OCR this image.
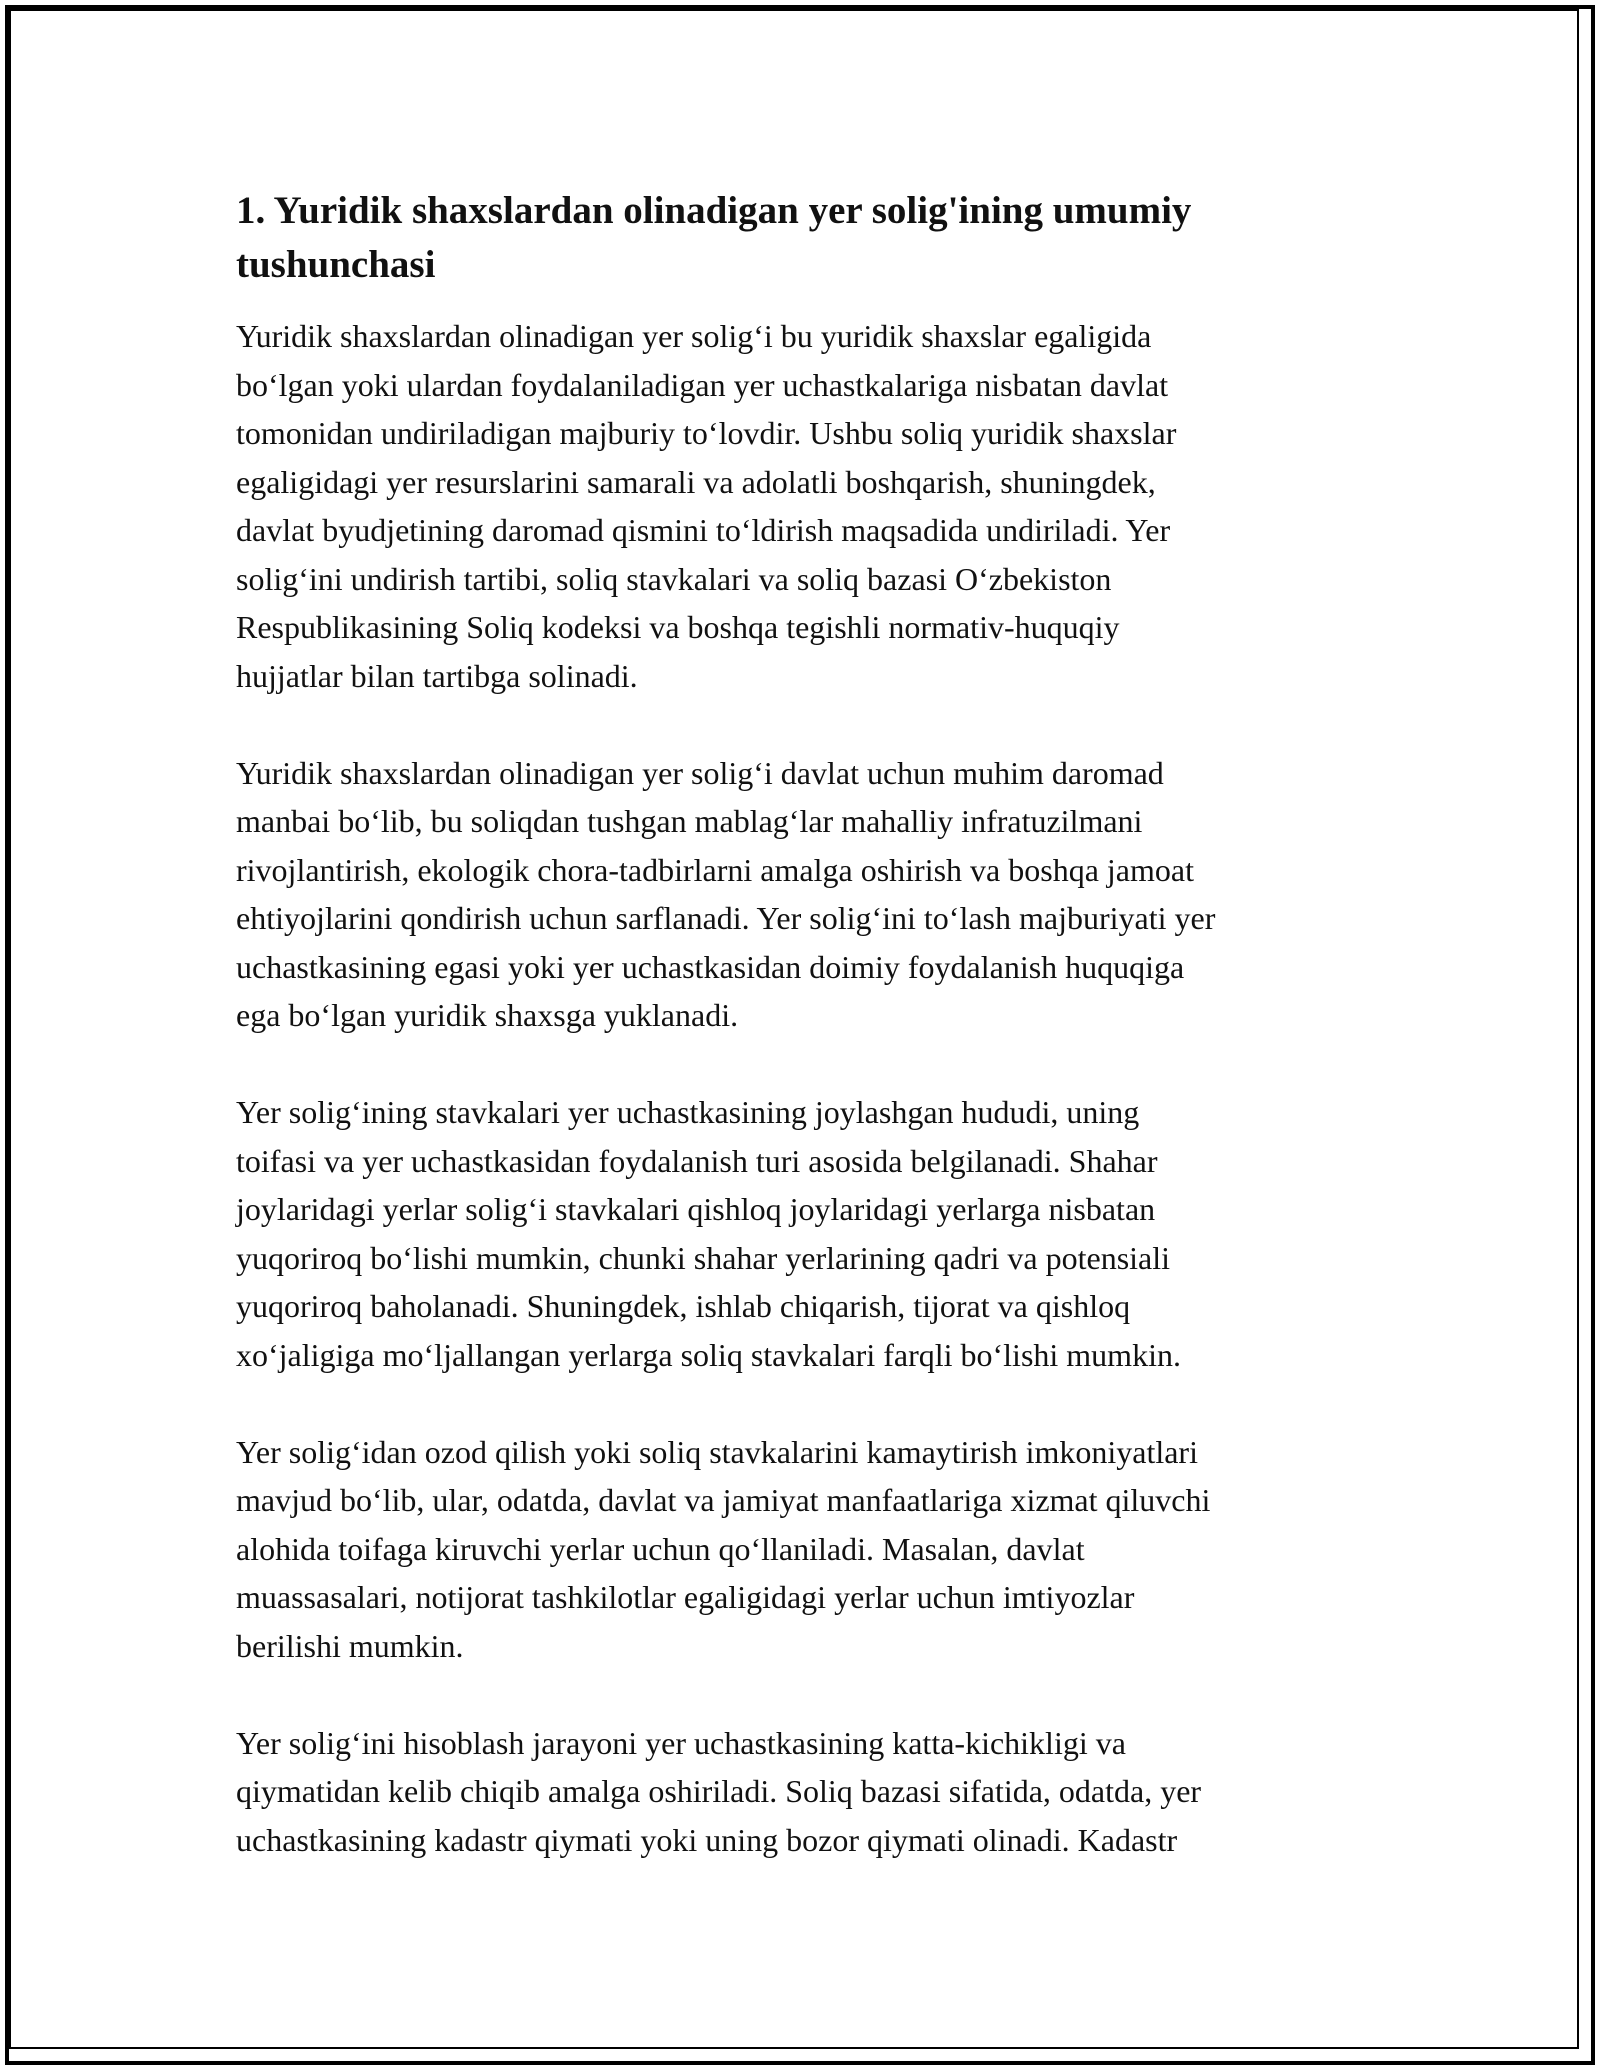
1. Yuridik shaxslardan olinadigan yer solig'ining umumiy
tushunchasi

Yuridik shaxslardan olinadigan yer solig‘i bu yuridik shaxslar egaligida
bo‘lgan yoki ulardan foydalaniladigan yer uchastkalariga nisbatan davlat
tomonidan undiriladigan majburiy to‘lovdir. Ushbu soliq yuridik shaxslar
egaligidagi yer resurslarini samarali va adolatli boshqarish, shuningdek,
davlat byudjetining daromad qismini to‘ldirish maqsadida undiriladi. Yer
solig‘ini undirish tartibi, soliq stavkalari va soliq bazasi O‘zbekiston
Respublikasining Soliq kodeksi va boshqa tegishli normativ-huquqiy
hujjatlar bilan tartibga solinadi.

Yuridik shaxslardan olinadigan yer solig‘i davlat uchun muhim daromad
manbai bo‘lib, bu soliqdan tushgan mablag‘lar mahalliy infratuzilmani
rivojlantirish, ekologik chora-tadbirlarni amalga oshirish va boshqa jamoat
ehtiyojlarini qondirish uchun sarflanadi. Yer solig‘ini to‘lash majburiyati yer
uchastkasining egasi yoki yer uchastkasidan doimiy foydalanish huquqiga
ega bo‘lgan yuridik shaxsga yuklanadi.

Yer solig‘ining stavkalari yer uchastkasining joylashgan hududi, uning
toifasi va yer uchastkasidan foydalanish turi asosida belgilanadi. Shahar
joylaridagi yerlar solig‘i stavkalari qishloq joylaridagi yerlarga nisbatan
yuqoriroq bo‘lishi mumkin, chunki shahar yerlarining qadri va potensiali
yuqoriroq baholanadi. Shuningdek, ishlab chiqarish, tijorat va qishloq
xo‘jaligiga mo‘ljallangan yerlarga soliq stavkalari farqli bo‘lishi mumkin.

Yer solig‘idan ozod qilish yoki soliq stavkalarini kamaytirish imkoniyatlari
mavjud bo‘lib, ular, odatda, davlat va jamiyat manfaatlariga xizmat qiluvchi
alohida toifaga kiruvchi yerlar uchun qo‘llaniladi. Masalan, davlat
muassasalari, notijorat tashkilotlar egaligidagi yerlar uchun imtiyozlar
berilishi mumkin.

Yer solig‘ini hisoblash jarayoni yer uchastkasining katta-kichikligi va
qiymatidan kelib chiqib amalga oshiriladi. Soliq bazasi sifatida, odatda, yer
uchastkasining kadastr qiymati yoki uning bozor qiymati olinadi. Kadastr
